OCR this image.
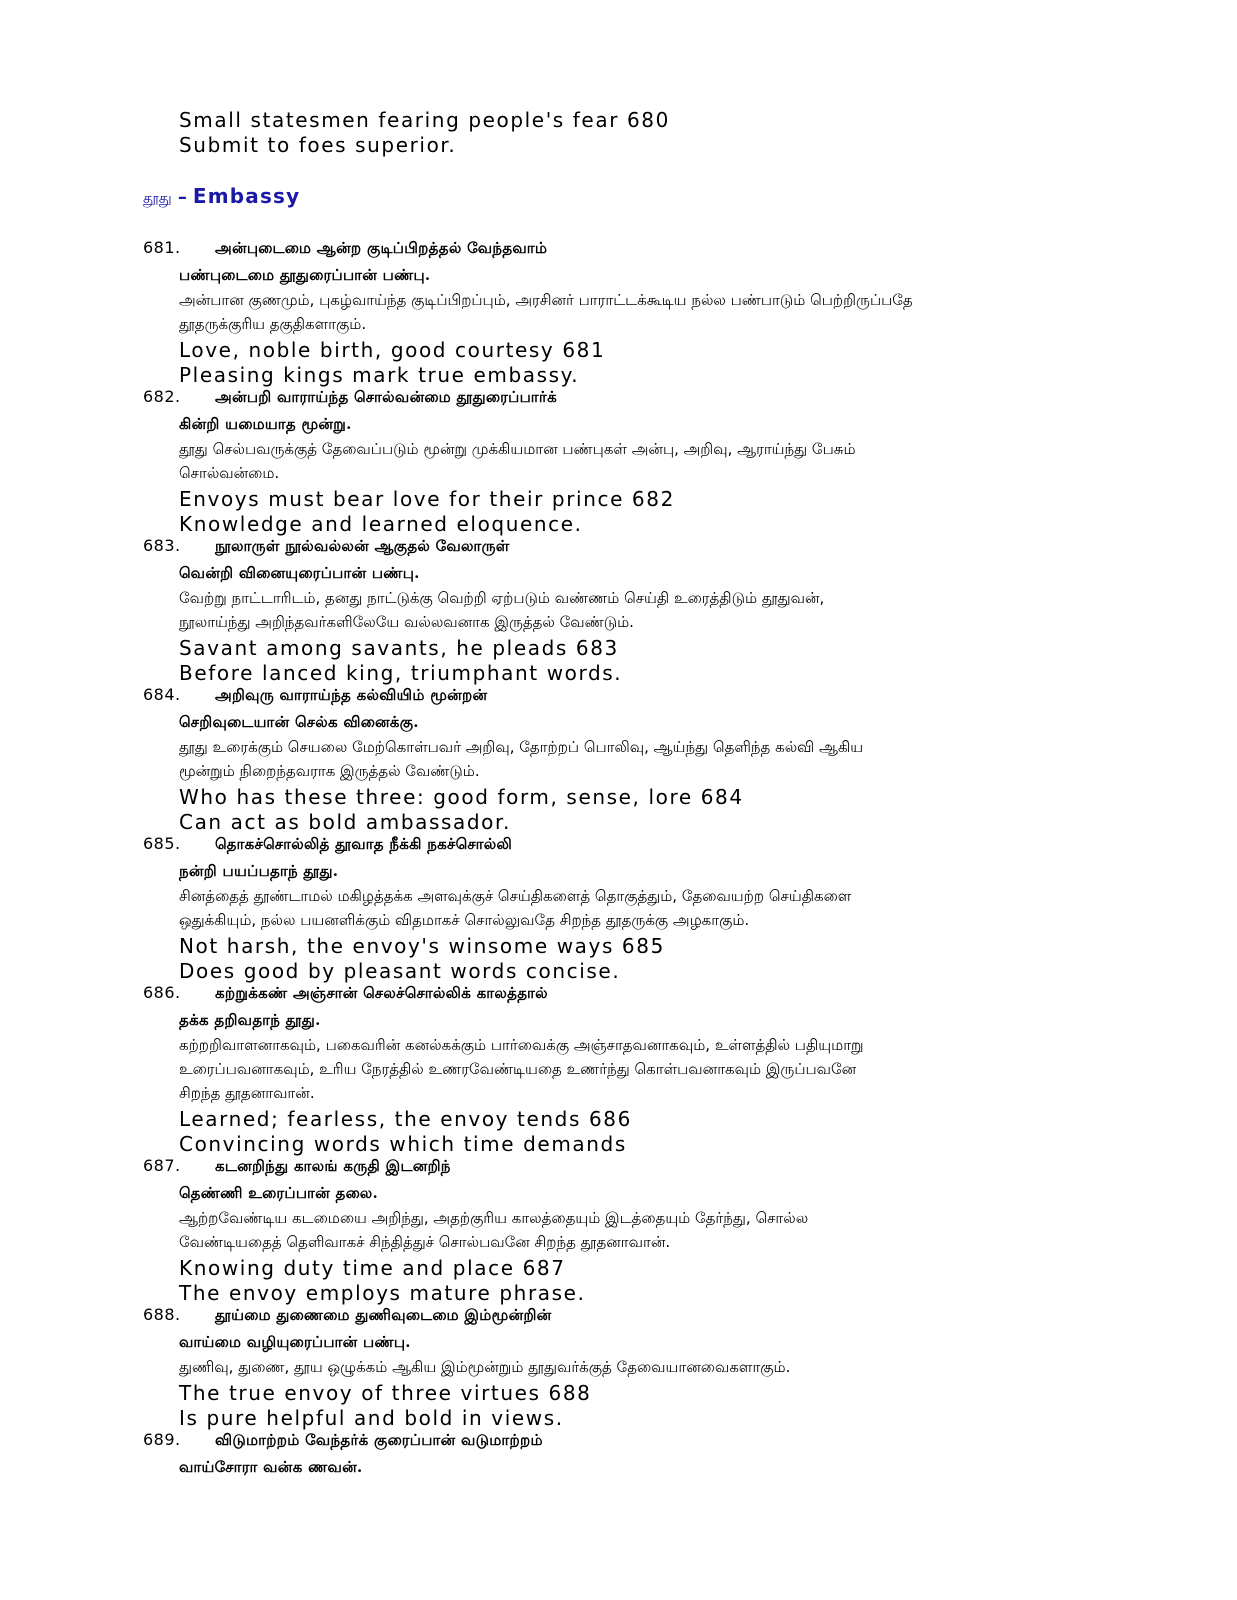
Small statesmen fearing people's fear 680
Submit to foes superior.
தூது – Embassy
681.	அன்புடைமை ஆன்ற குடிப்பிறத்தல் வேந்தவாம்
பண்புடைமை தூதுரைப்பான் பண்பு.
அன்பான குணமும், புகழ்வாய்ந்த குடிப்பிறப்பும், அரசினர் பாராட்டக்கூடிய நல்ல பண்பாடும் பெற்றிருப்பதே
தூதருக்குரிய தகுதிகளாகும்.
Love, noble birth, good courtesy 681
Pleasing kings mark true embassy.
682.	அன்பறி வாராய்ந்த சொல்வன்மை தூதுரைப்பார்க்
கின்றி யமையாத மூன்று.
தூது செல்பவருக்குத் தேவைப்படும் மூன்று முக்கியமான பண்புகள் அன்பு, அறிவு, ஆராய்ந்து பேசும்
சொல்வன்மை.
Envoys must bear love for their prince 682
Knowledge and learned eloquence.
683.	நூலாருள் நூல்வல்லன் ஆகுதல் வேலாருள்
வென்றி வினையுரைப்பான் பண்பு.
வேற்று நாட்டாரிடம், தனது நாட்டுக்கு வெற்றி ஏற்படும் வண்ணம் செய்தி உரைத்திடும் தூதுவன்,
நூலாய்ந்து அறிந்தவர்களிலேயே வல்லவனாக இருத்தல் வேண்டும்.
Savant among savants, he pleads 683
Before lanced king, triumphant words.
684.	அறிவுரு வாராய்ந்த கல்வியிம் மூன்றன்
செறிவுடையான் செல்க வினைக்கு.
தூது உரைக்கும் செயலை மேற்கொள்பவர் அறிவு, தோற்றப் பொலிவு, ஆய்ந்து தெளிந்த கல்வி ஆகிய
மூன்றும் நிறைந்தவராக இருத்தல் வேண்டும்.
Who has these three: good form, sense, lore 684
Can act as bold ambassador.
685.	தொகச்சொல்லித் தூவாத நீக்கி நகச்சொல்லி
நன்றி பயப்பதாந் தூது.
சினத்தைத் தூண்டாமல் மகிழத்தக்க அளவுக்குச் செய்திகளைத் தொகுத்தும், தேவையற்ற செய்திகளை
ஒதுக்கியும், நல்ல பயனளிக்கும் விதமாகச் சொல்லுவதே சிறந்த தூதருக்கு அழகாகும்.
Not harsh, the envoy's winsome ways 685
Does good by pleasant words concise.
686.	கற்றுக்கண் அஞ்சான் செலச்சொல்லிக் காலத்தால்
தக்க தறிவதாந் தூது.
கற்றறிவாளனாகவும், பகைவரின் கனல்கக்கும் பார்வைக்கு அஞ்சாதவனாகவும், உள்ளத்தில் பதியுமாறு
உரைப்பவனாகவும், உரிய நேரத்தில் உணரவேண்டியதை உணர்ந்து கொள்பவனாகவும் இருப்பவனே
சிறந்த தூதனாவான்.
Learned; fearless, the envoy tends 686
Convincing words which time demands
687.	கடனறிந்து காலங் கருதி இடனறிந்
தெண்ணி உரைப்பான் தலை.
ஆற்றவேண்டிய கடமையை அறிந்து, அதற்குரிய காலத்தையும் இடத்தையும் தேர்ந்து, சொல்ல
வேண்டியதைத் தெளிவாகச் சிந்தித்துச் சொல்பவனே சிறந்த தூதனாவான்.
Knowing duty time and place 687
The envoy employs mature phrase.
688.	தூய்மை துணைமை துணிவுடைமை இம்மூன்றின்
வாய்மை வழியுரைப்பான் பண்பு.
துணிவு, துணை, தூய ஒழுக்கம் ஆகிய இம்மூன்றும் தூதுவர்க்குத் தேவையானவைகளாகும்.
The true envoy of three virtues 688
Is pure helpful and bold in views.
689.	விடுமாற்றம் வேந்தர்க் குரைப்பான் வடுமாற்றம்
வாய்சோரா வன்க ணவன்.
